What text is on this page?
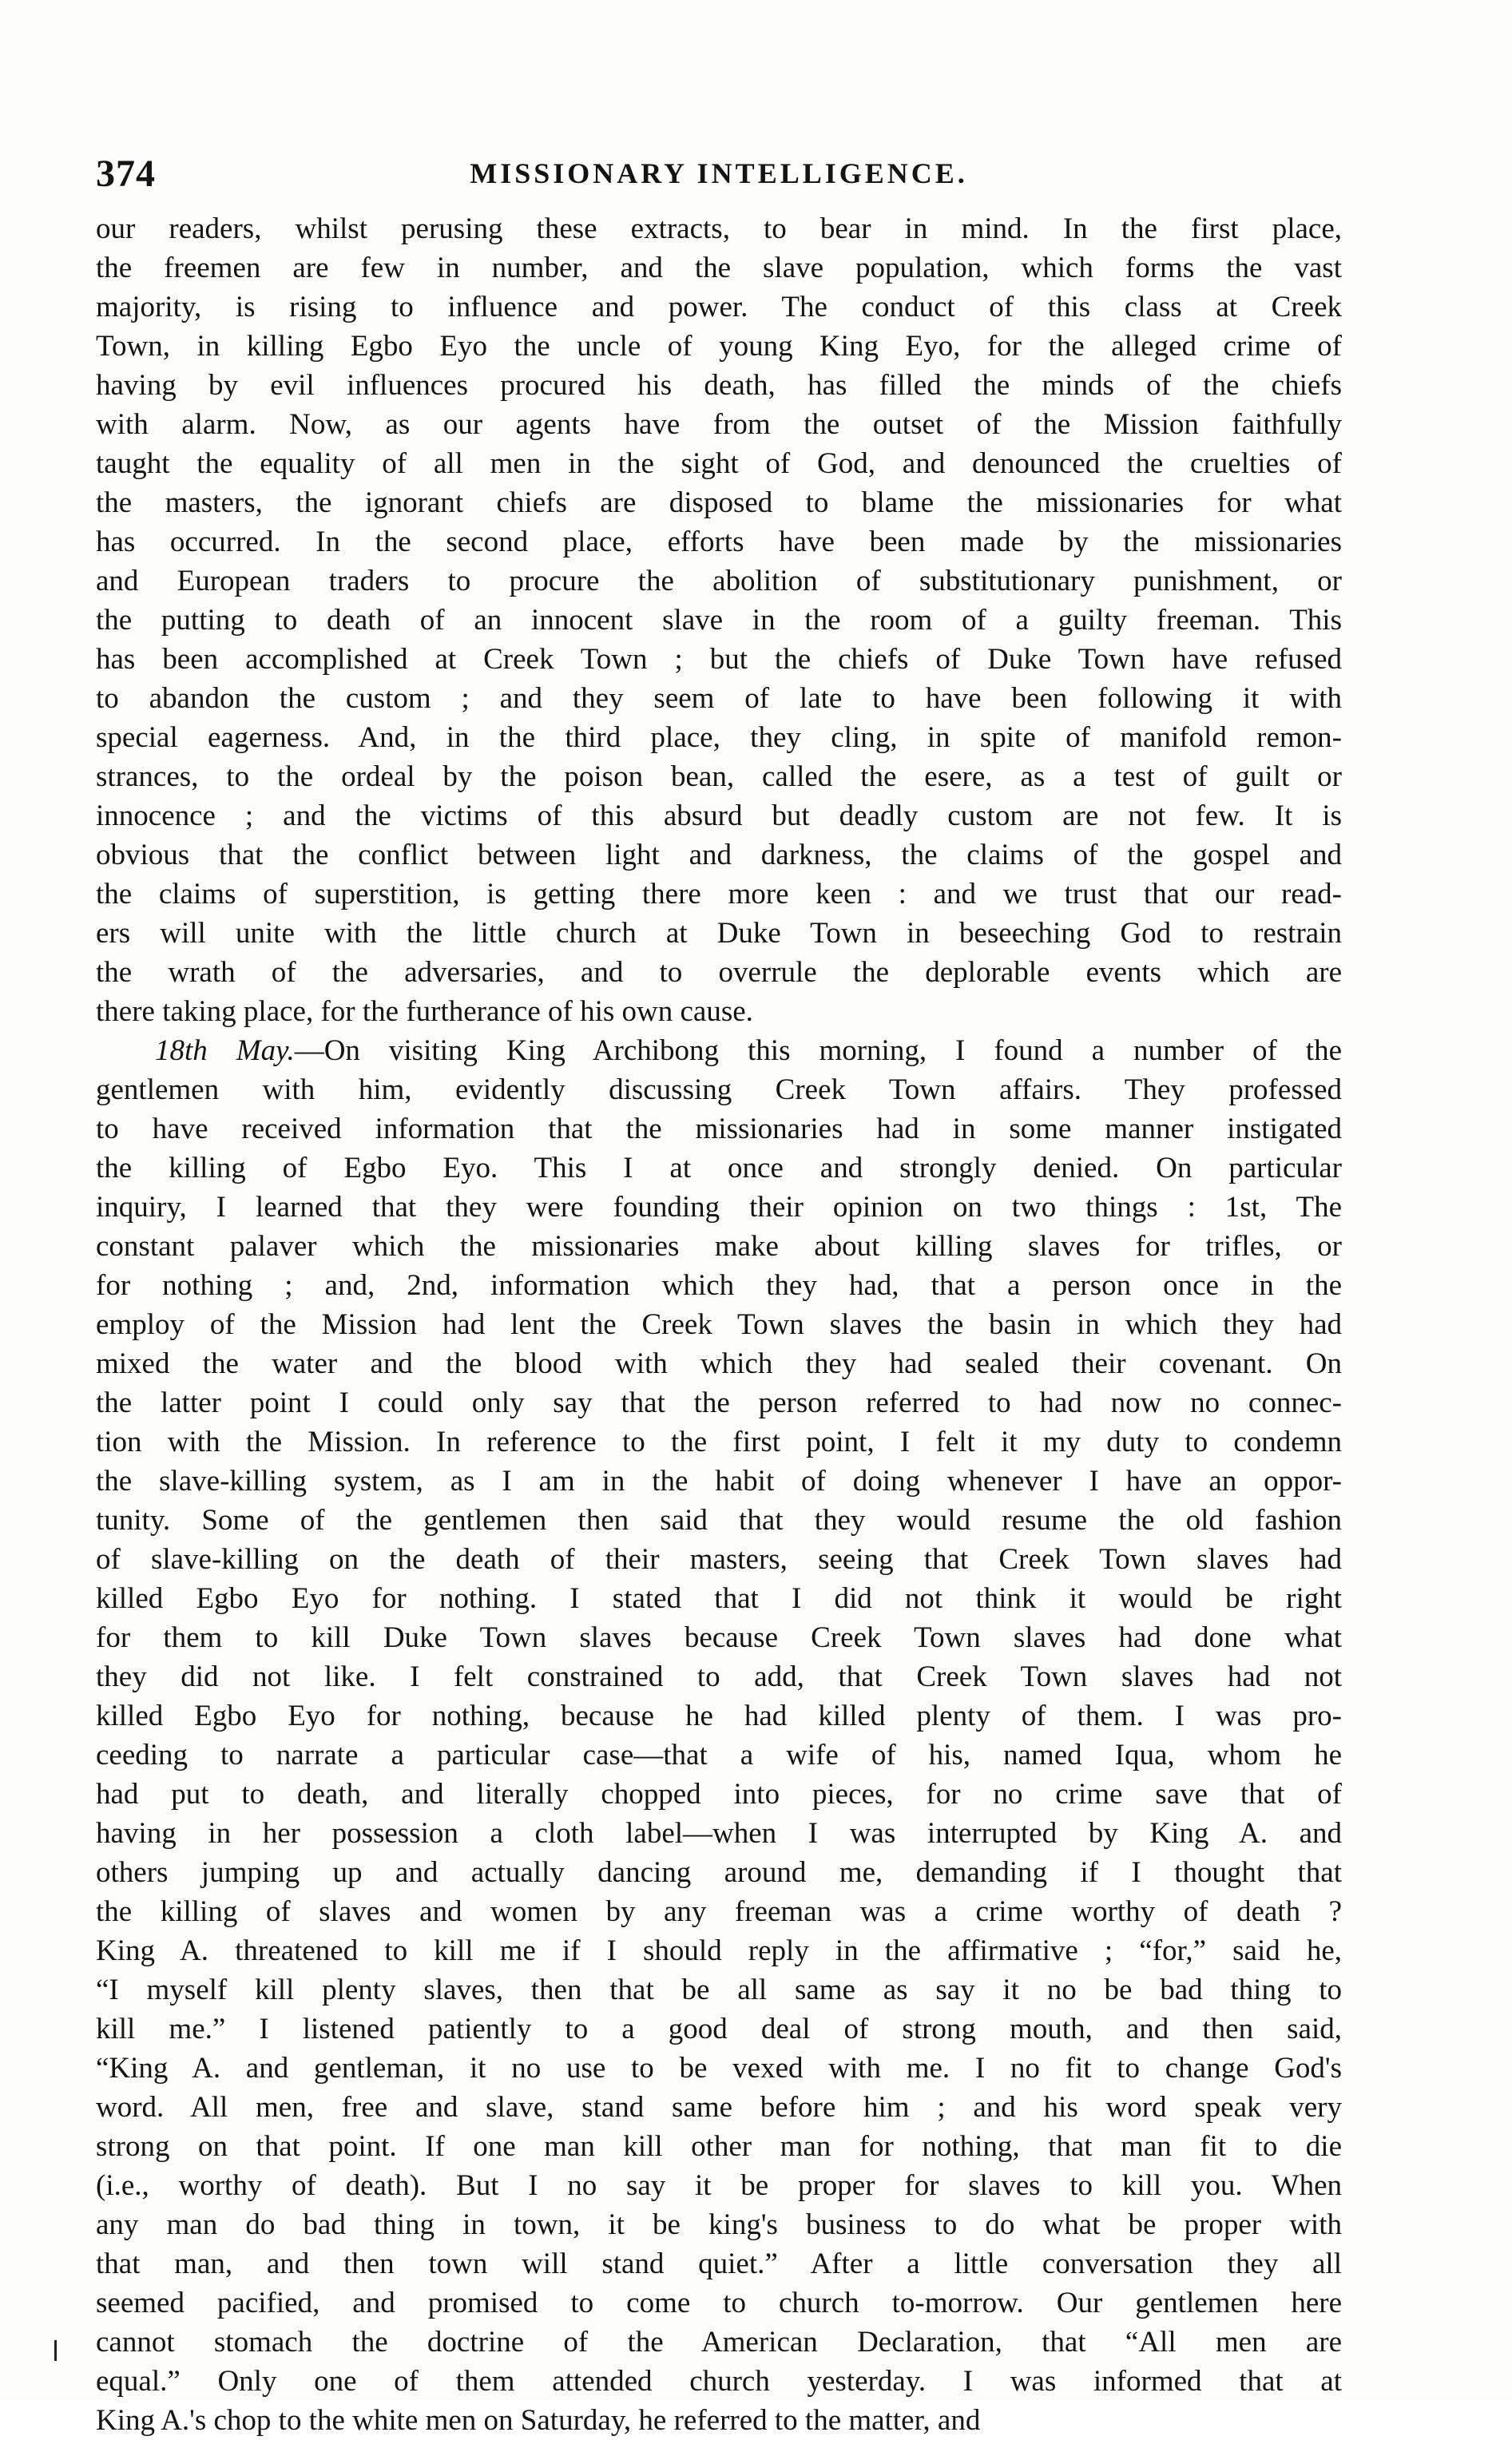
374	MISSIONARY INTELLIGENCE.
our readers, whilst perusing these extracts, to bear in mind. In the first place,
the freemen are few in number, and the slave population, which forms the vast
majority, is rising to influence and power. The conduct of this class at Creek
Town, in killing Egbo Eyo the uncle of young King Eyo, for the alleged crime of
having by evil influences procured his death, has filled the minds of the chiefs
with alarm. Now, as our agents have from the outset of the Mission faithfully
taught the equality of all men in the sight of God, and denounced the cruelties of
the masters, the ignorant chiefs are disposed to blame the missionaries for what
has occurred. In the second place, efforts have been made by the missionaries
and European traders to procure the abolition of substitutionary punishment, or
the putting to death of an innocent slave in the room of a guilty freeman. This
has been accomplished at Creek Town ; but the chiefs of Duke Town have refused
to abandon the custom ; and they seem of late to have been following it with
special eagerness. And, in the third place, they cling, in spite of manifold remon-
strances, to the ordeal by the poison bean, called the esere, as a test of guilt or
innocence ; and the victims of this absurd but deadly custom are not few. It is
obvious that the conflict between light and darkness, the claims of the gospel and
the claims of superstition, is getting there more keen : and we trust that our read-
ers will unite with the little church at Duke Town in beseeching God to restrain
the wrath of the adversaries, and to overrule the deplorable events which are
there taking place, for the furtherance of his own cause.
18th May.—On visiting King Archibong this morning, I found a number of the
gentlemen with him, evidently discussing Creek Town affairs. They professed
to have received information that the missionaries had in some manner instigated
the killing of Egbo Eyo. This I at once and strongly denied. On particular
inquiry, I learned that they were founding their opinion on two things : 1st, The
constant palaver which the missionaries make about killing slaves for trifles, or
for nothing ; and, 2nd, information which they had, that a person once in the
employ of the Mission had lent the Creek Town slaves the basin in which they had
mixed the water and the blood with which they had sealed their covenant. On
the latter point I could only say that the person referred to had now no connec-
tion with the Mission. In reference to the first point, I felt it my duty to condemn
the slave-killing system, as I am in the habit of doing whenever I have an oppor-
tunity. Some of the gentlemen then said that they would resume the old fashion
of slave-killing on the death of their masters, seeing that Creek Town slaves had
killed Egbo Eyo for nothing. I stated that I did not think it would be right
for them to kill Duke Town slaves because Creek Town slaves had done what
they did not like. I felt constrained to add, that Creek Town slaves had not
killed Egbo Eyo for nothing, because he had killed plenty of them. I was pro-
ceeding to narrate a particular case—that a wife of his, named Iqua, whom he
had put to death, and literally chopped into pieces, for no crime save that of
having in her possession a cloth label—when I was interrupted by King A. and
others jumping up and actually dancing around me, demanding if I thought that
the killing of slaves and women by any freeman was a crime worthy of death ?
King A. threatened to kill me if I should reply in the affirmative ; “for,” said he,
“I myself kill plenty slaves, then that be all same as say it no be bad thing to
kill me.” I listened patiently to a good deal of strong mouth, and then said,
“King A. and gentleman, it no use to be vexed with me. I no fit to change God's
word. All men, free and slave, stand same before him ; and his word speak very
strong on that point. If one man kill other man for nothing, that man fit to die
(i.e., worthy of death). But I no say it be proper for slaves to kill you. When
any man do bad thing in town, it be king's business to do what be proper with
that man, and then town will stand quiet.” After a little conversation they all
seemed pacified, and promised to come to church to-morrow. Our gentlemen here
cannot stomach the doctrine of the American Declaration, that “All men are
equal.” Only one of them attended church yesterday. I was informed that at
King A.'s chop to the white men on Saturday, he referred to the matter, and
